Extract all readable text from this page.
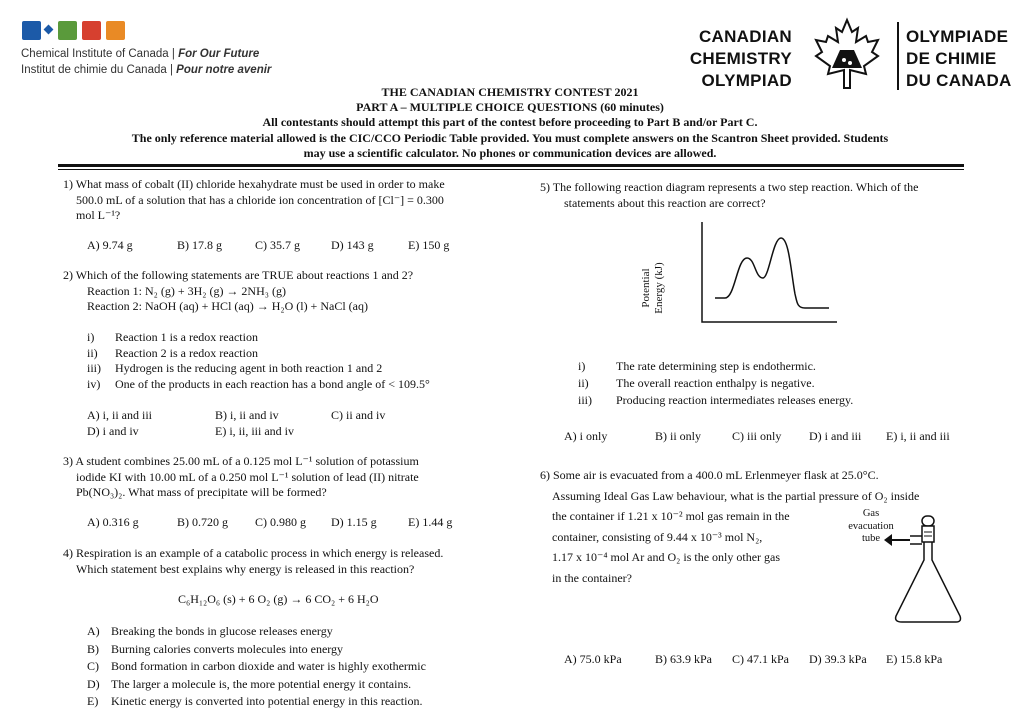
Chemical Institute of Canada | For Our Future
Institut de chimie du Canada | Pour notre avenir
CANADIAN
CHEMISTRY
OLYMPIAD
OLYMPIADE
DE CHIMIE
DU CANADA
THE CANADIAN CHEMISTRY CONTEST 2021
PART A – MULTIPLE CHOICE QUESTIONS (60 minutes)
All contestants should attempt this part of the contest before proceeding to Part B and/or Part C.
The only reference material allowed is the CIC/CCO Periodic Table provided. You must complete answers on the Scantron Sheet provided. Students
may use a scientific calculator. No phones or communication devices are allowed.
1) What mass of cobalt (II) chloride hexahydrate must be used in order to make
500.0 mL of a solution that has a chloride ion concentration of [Cl⁻] = 0.300
mol L⁻¹?
A) 9.74 g	B) 17.8 g	C) 35.7 g	D) 143 g	E) 150 g
2) Which of the following statements are TRUE about reactions 1 and 2?
Reaction 1: N₂ (g) + 3H₂ (g) → 2NH₃ (g)
Reaction 2: NaOH (aq) + HCl (aq) → H₂O (l) + NaCl (aq)
i) Reaction 1 is a redox reaction
ii) Reaction 2 is a redox reaction
iii) Hydrogen is the reducing agent in both reaction 1 and 2
iv) One of the products in each reaction has a bond angle of < 109.5°
A) i, ii and iii	B) i, ii and iv	C) ii and iv
D) i and iv	E) i, ii, iii and iv
3) A student combines 25.00 mL of a 0.125 mol L⁻¹ solution of potassium
iodide KI with 10.00 mL of a 0.250 mol L⁻¹ solution of lead (II) nitrate
Pb(NO₃)₂. What mass of precipitate will be formed?
A) 0.316 g	B) 0.720 g C) 0.980 g D) 1.15 g	E) 1.44 g
4) Respiration is an example of a catabolic process in which energy is released.
Which statement best explains why energy is released in this reaction?
C₆H₁₂O₆ (s) + 6 O₂ (g) → 6 CO₂ + 6 H₂O
A) Breaking the bonds in glucose releases energy
B) Burning calories converts molecules into energy
C) Bond formation in carbon dioxide and water is highly exothermic
D) The larger a molecule is, the more potential energy it contains.
E) Kinetic energy is converted into potential energy in this reaction.
5) The following reaction diagram represents a two step reaction. Which of the
statements about this reaction are correct?
Potential Energy (kJ)
i)	The rate determining step is endothermic.
ii) The overall reaction enthalpy is negative.
iii) Producing reaction intermediates releases energy.
A) i only	B) ii only	C) iii only D) i and iii E) i, ii and iii
6) Some air is evacuated from a 400.0 mL Erlenmeyer flask at 25.0°C.
Assuming Ideal Gas Law behaviour, what is the partial pressure of O₂ inside
the container if 1.21 x 10⁻² mol gas remain in the
container, consisting of 9.44 x 10⁻³ mol N₂,
1.17 x 10⁻⁴ mol Ar and O₂ is the only other gas
in the container?
Gas
evacuation
tube
A) 75.0 kPa	B) 63.9 kPa C) 47.1 kPa D) 39.3 kPa E) 15.8 kPa
